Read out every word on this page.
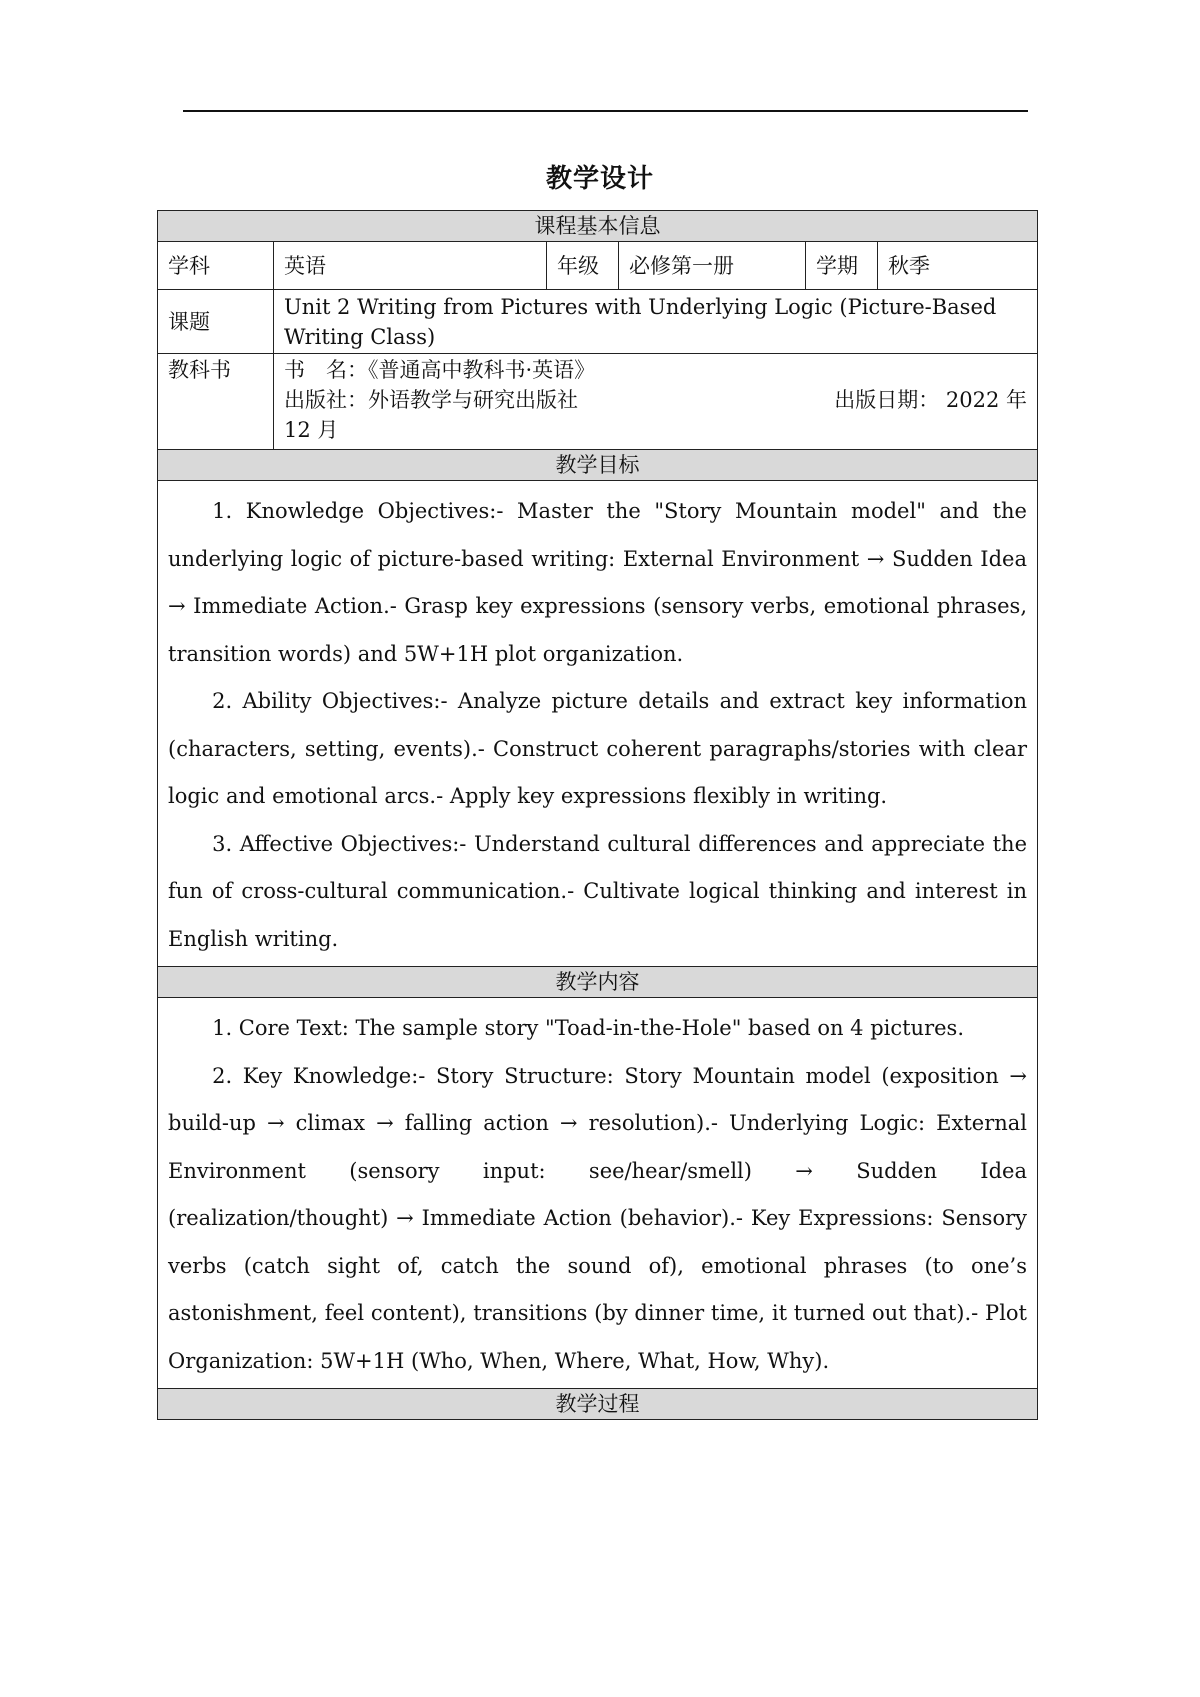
教学设计
课程基本信息					
学科	英语	年级	必修第一册	学期	秋季
课题	Unit 2 Writing from Pictures with Underlying Logic (Picture-Based Writing Class)				
教科书	书　名：《普通高中教科书·英语》
出版社：外语教学与研究出版社 出版日期： 2022 年
12 月				

教学目标					

1. Knowledge Objectives:- Master the "Story Mountain model" and the underlying logic of picture-based writing: External Environment → Sudden Idea → Immediate Action.- Grasp key expressions (sensory verbs, emotional phrases, transition words) and 5W+1H plot organization.
2. Ability Objectives:- Analyze picture details and extract key information (characters, setting, events).- Construct coherent paragraphs/stories with clear logic and emotional arcs.- Apply key expressions flexibly in writing.
3. Affective Objectives:- Understand cultural differences and appreciate the fun of cross-cultural communication.- Cultivate logical thinking and interest in English writing.					

教学内容					

1. Core Text: The sample story "Toad-in-the-Hole" based on 4 pictures.
2. Key Knowledge:- Story Structure: Story Mountain model (exposition → build-up → climax → falling action → resolution).- Underlying Logic: External Environment (sensory input: see/hear/smell) → Sudden Idea (realization/thought) → Immediate Action (behavior).- Key Expressions: Sensory verbs (catch sight of, catch the sound of), emotional phrases (to one’s astonishment, feel content), transitions (by dinner time, it turned out that).- Plot Organization: 5W+1H (Who, When, Where, What, How, Why).					

教学过程					
